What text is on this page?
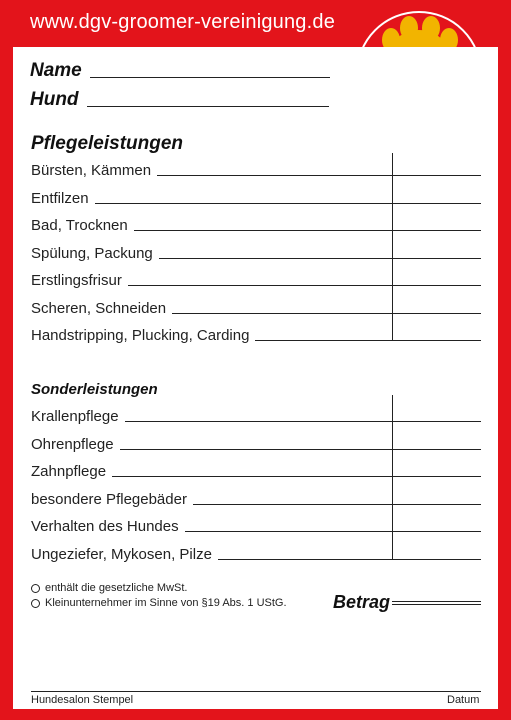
www.dgv-groomer-vereinigung.de
Name
Hund
Pflegeleistungen
Bürsten, Kämmen
Entfilzen
Bad, Trocknen
Spülung, Packung
Erstlingsfrisur
Scheren, Schneiden
Handstripping, Plucking, Carding
Sonderleistungen
Krallenpflege
Ohrenpflege
Zahnpflege
besondere Pflegebäder
Verhalten des Hundes
Ungeziefer, Mykosen, Pilze
enthält die gesetzliche MwSt.
Kleinunternehmer im Sinne von §19 Abs. 1 UStG.	Betrag
Hundesalon Stempel	Datum
